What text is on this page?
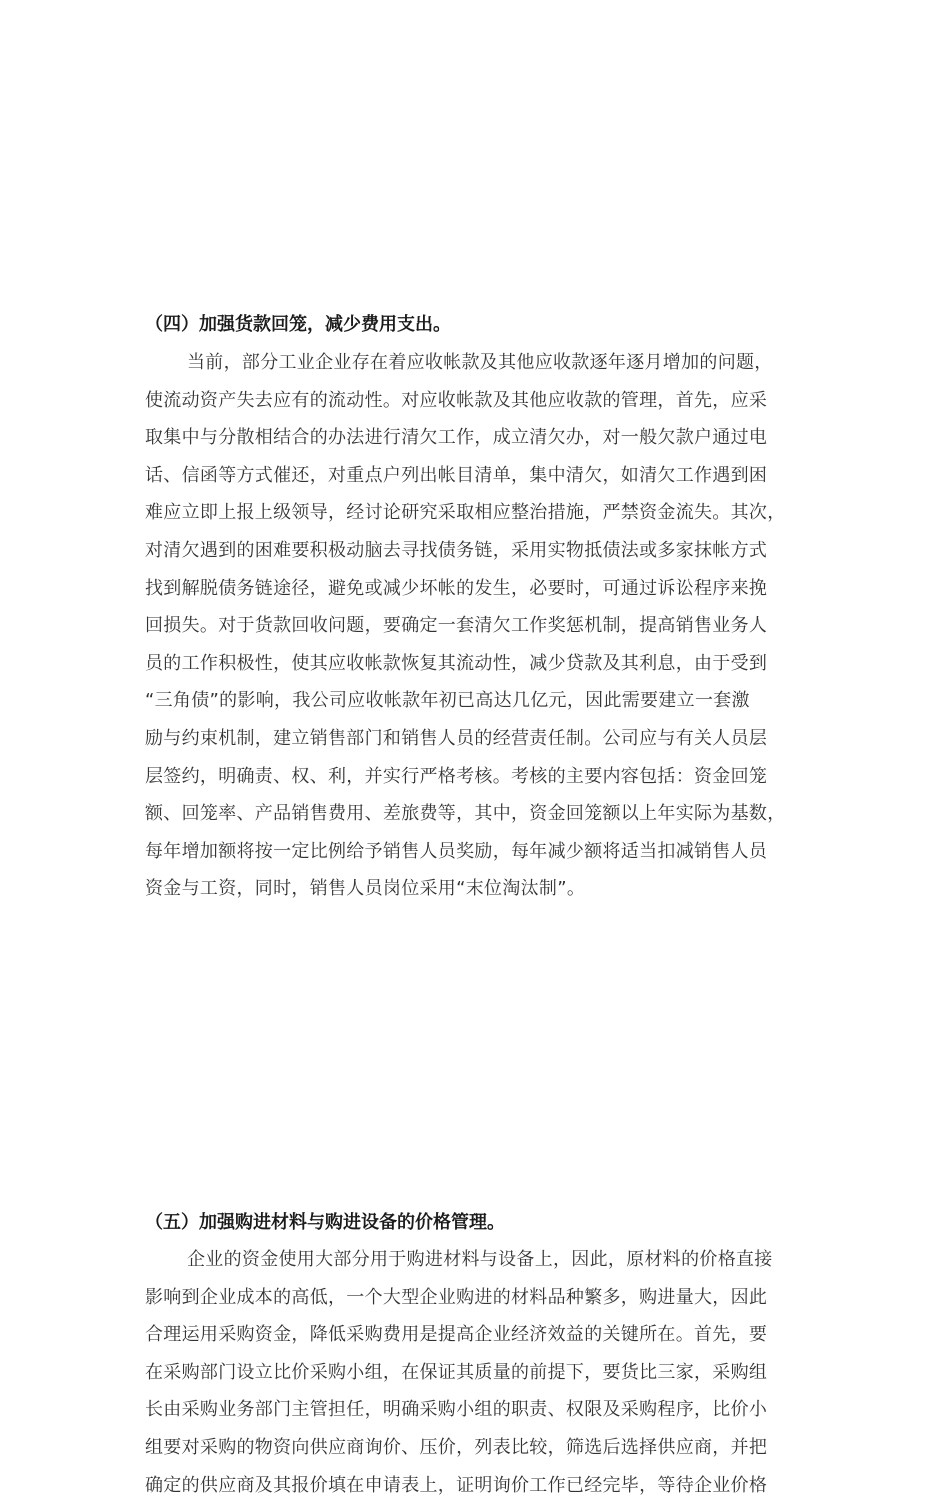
（四）加强货款回笼，减少费用支出。

当前，部分工业企业存在着应收帐款及其他应收款逐年逐月增加的问题，

使流动资产失去应有的流动性。对应收帐款及其他应收款的管理，首先，应采

取集中与分散相结合的办法进行清欠工作，成立清欠办，对一般欠款户通过电

话、信函等方式催还，对重点户列出帐目清单，集中清欠，如清欠工作遇到困

难应立即上报上级领导，经讨论研究采取相应整治措施，严禁资金流失。其次，

对清欠遇到的困难要积极动脑去寻找债务链，采用实物抵债法或多家抹帐方式

找到解脱债务链途径，避免或减少坏帐的发生，必要时，可通过诉讼程序来挽

回损失。对于货款回收问题，要确定一套清欠工作奖惩机制，提高销售业务人

员的工作积极性，使其应收帐款恢复其流动性，减少贷款及其利息，由于受到

“三角债”的影响，我公司应收帐款年初已高达几亿元，因此需要建立一套激

励与约束机制，建立销售部门和销售人员的经营责任制。公司应与有关人员层

层签约，明确责、权、利，并实行严格考核。考核的主要内容包括：资金回笼

额、回笼率、产品销售费用、差旅费等，其中，资金回笼额以上年实际为基数，

每年增加额将按一定比例给予销售人员奖励，每年减少额将适当扣减销售人员

资金与工资，同时，销售人员岗位采用“末位淘汰制”。

（五）加强购进材料与购进设备的价格管理。

企业的资金使用大部分用于购进材料与设备上，因此，原材料的价格直接

影响到企业成本的高低，一个大型企业购进的材料品种繁多，购进量大，因此

合理运用采购资金，降低采购费用是提高企业经济效益的关键所在。首先，要

在采购部门设立比价采购小组，在保证其质量的前提下，要货比三家，采购组

长由采购业务部门主管担任，明确采购小组的职责、权限及采购程序，比价小

组要对采购的物资向供应商询价、压价，列表比较，筛选后选择供应商，并把

确定的供应商及其报价填在申请表上，证明询价工作已经完毕，等待企业价格
